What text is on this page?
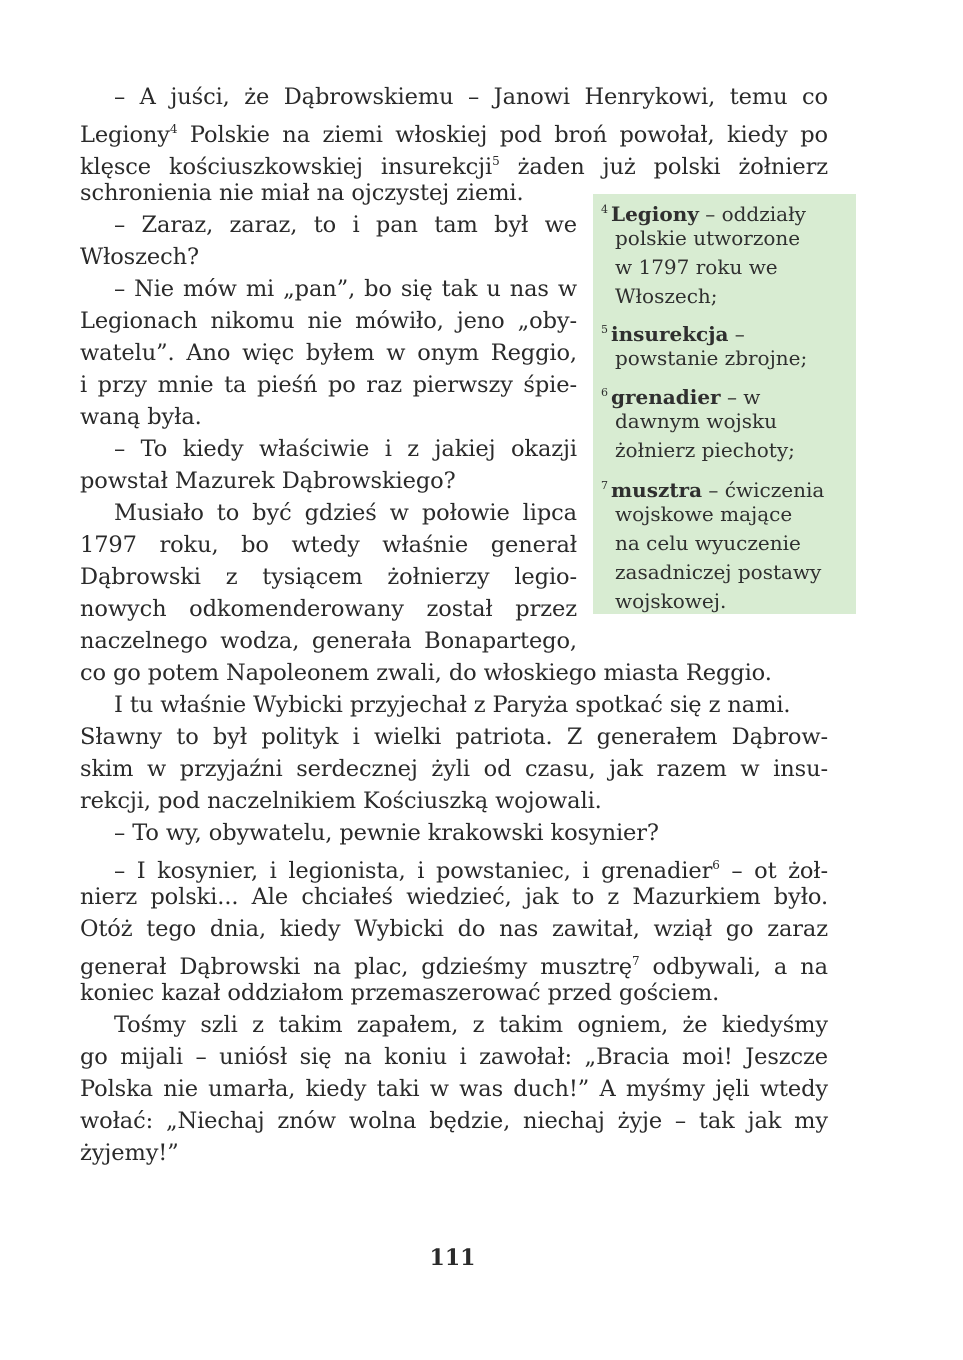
– A juści, że Dąbrowskiemu – Janowi Henrykowi, temu co
Legiony$^4$ Polskie na ziemi włoskiej pod broń powołał, kiedy po
klęsce kościuszkowskiej insurekcji$^5$ żaden już polski żołnierz
schronienia nie miał na ojczystej ziemi.
– Zaraz, zaraz, to i pan tam był we
Włoszech?
– Nie mów mi „pan”, bo się tak u nas w
Legionach nikomu nie mówiło, jeno „oby-
watelu”. Ano więc byłem w onym Reggio,
i przy mnie ta pieśń po raz pierwszy śpie-
waną była.
– To kiedy właściwie i z jakiej okazji
powstał Mazurek Dąbrowskiego?
Musiało to być gdzieś w połowie lipca
1797 roku, bo wtedy właśnie generał
Dąbrowski z tysiącem żołnierzy legio-
nowych odkomenderowany został przez
naczelnego wodza, generała Bonapartego,
co go potem Napoleonem zwali, do włoskiego miasta Reggio.
I tu właśnie Wybicki przyjechał z Paryża spotkać się z nami.
Sławny to był polityk i wielki patriota. Z generałem Dąbrow-
skim w przyjaźni serdecznej żyli od czasu, jak razem w insu-
rekcji, pod naczelnikiem Kościuszką wojowali.
– To wy, obywatelu, pewnie krakowski kosynier?
– I kosynier, i legionista, i powstaniec, i grenadier$^6$ – ot żoł-
nierz polski... Ale chciałeś wiedzieć, jak to z Mazurkiem było.
Otóż tego dnia, kiedy Wybicki do nas zawitał, wziął go zaraz
generał Dąbrowski na plac, gdzieśmy musztrę$^7$ odbywali, a na
koniec kazał oddziałom przemaszerować przed gościem.
Tośmy szli z takim zapałem, z takim ogniem, że kiedyśmy
go mijali – uniósł się na koniu i zawołał: „Bracia moi! Jeszcze
Polska nie umarła, kiedy taki w was duch!” A myśmy jęli wtedy
wołać: „Niechaj znów wolna będzie, niechaj żyje – tak jak my
żyjemy!”
$^4$ Legiony – oddziały
polskie utworzone
w 1797 roku we
Włoszech;
$^5$ insurekcja –
powstanie zbrojne;
$^6$ grenadier – w
dawnym wojsku
żołnierz piechoty;
$^7$ musztra – ćwiczenia
wojskowe mające
na celu wyuczenie
zasadniczej postawy
wojskowej.
111
